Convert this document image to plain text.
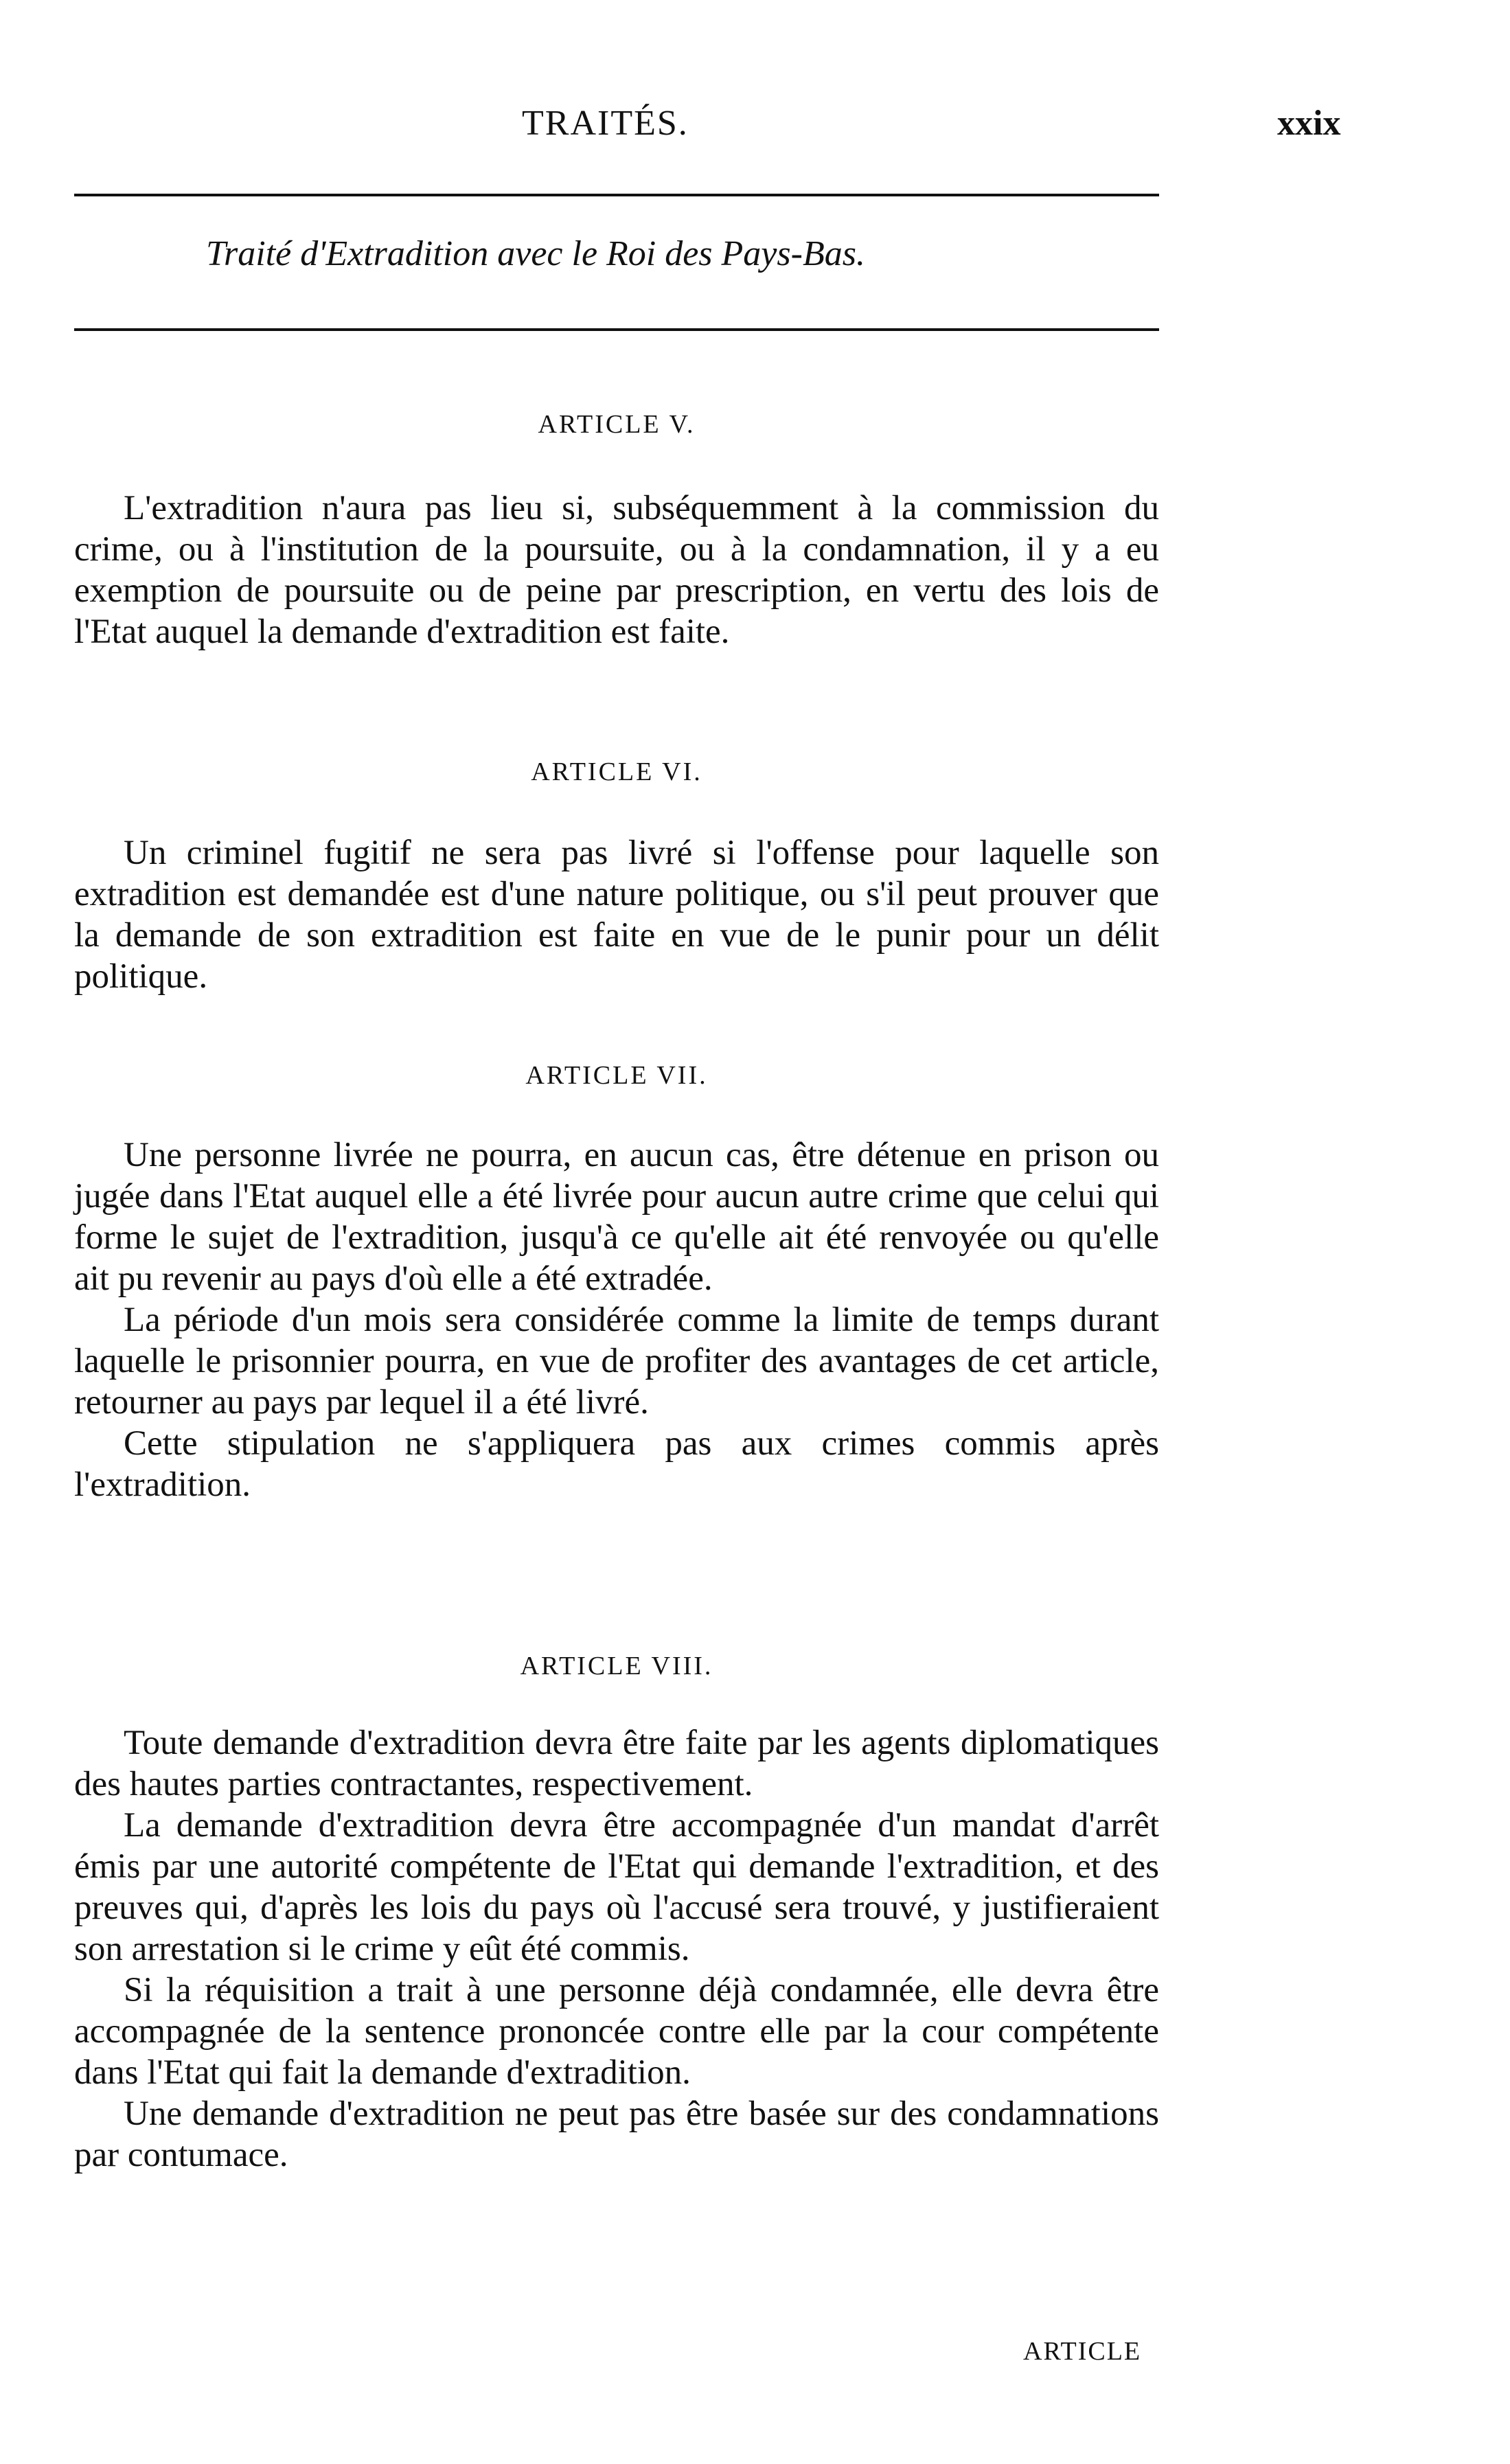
TRAITÉS.	xxix
Traité d'Extradition avec le Roi des Pays-Bas.
ARTICLE V.

L'extradition n'aura pas lieu si, subséquemment à la commission du crime, ou à l'institution de la poursuite, ou à la condamnation, il y a eu exemption de poursuite ou de peine par prescription, en vertu des lois de l'Etat auquel la demande d'extradition est faite.

ARTICLE VI.

Un criminel fugitif ne sera pas livré si l'offense pour laquelle son extradition est demandée est d'une nature politique, ou s'il peut prouver que la demande de son extradition est faite en vue de le punir pour un délit politique.

ARTICLE VII.

Une personne livrée ne pourra, en aucun cas, être détenue en prison ou jugée dans l'Etat auquel elle a été livrée pour aucun autre crime que celui qui forme le sujet de l'extradition, jusqu'à ce qu'elle ait été renvoyée ou qu'elle ait pu revenir au pays d'où elle a été extradée.

La période d'un mois sera considérée comme la limite de temps durant laquelle le prisonnier pourra, en vue de profiter des avantages de cet article, retourner au pays par lequel il a été livré.

Cette stipulation ne s'appliquera pas aux crimes commis après l'extradition.

ARTICLE VIII.

Toute demande d'extradition devra être faite par les agents diplomatiques des hautes parties contractantes, respectivement.

La demande d'extradition devra être accompagnée d'un mandat d'arrêt émis par une autorité compétente de l'Etat qui demande l'extradition, et des preuves qui, d'après les lois du pays où l'accusé sera trouvé, y justifieraient son arrestation si le crime y eût été commis.

Si la réquisition a trait à une personne déjà condamnée, elle devra être accompagnée de la sentence prononcée contre elle par la cour compétente dans l'Etat qui fait la demande d'extradition.

Une demande d'extradition ne peut pas être basée sur des condamnations par contumace.

ARTICLE
